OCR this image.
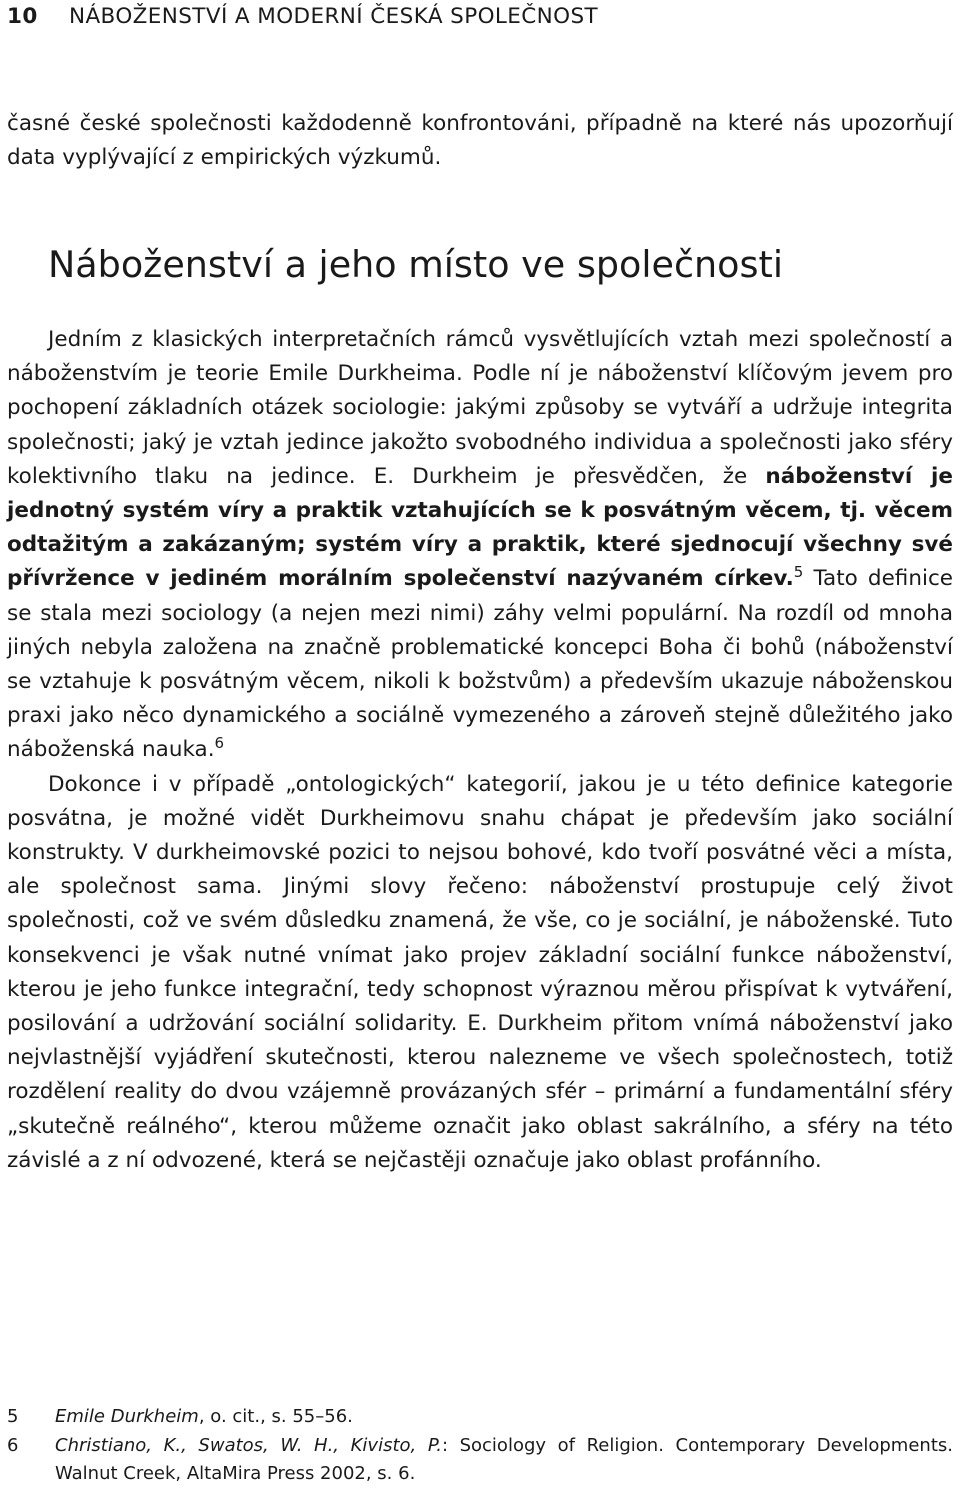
10 NÁBOŽENSTVÍ A MODERNÍ ČESKÁ SPOLEČNOST
časné české společnosti každodenně konfrontováni, případně na které nás upozorňují data vyplývající z empirických výzkumů.
Náboženství a jeho místo ve společnosti

Jedním z klasických interpretačních rámců vysvětlujících vztah mezi společností a náboženstvím je teorie Emile Durkheima. Podle ní je náboženství klíčovým jevem pro pochopení základních otázek sociologie: jakými způsoby se vytváří a udržuje integrita společnosti; jaký je vztah jedince jakožto svobodného individua a společnosti jako sféry kolektivního tlaku na jedince. E. Durkheim je přesvědčen, že náboženství je jednotný systém víry a praktik vztahujících se k posvátným věcem, tj. věcem odtažitým a zakázaným; systém víry a praktik, které sjednocují všechny své přívržence v jediném morálním společenství nazývaném církev.$^5$ Tato definice se stala mezi sociology (a nejen mezi nimi) záhy velmi populární. Na rozdíl od mnoha jiných nebyla založena na značně problematické koncepci Boha či bohů (náboženství se vztahuje k posvátným věcem, nikoli k božstvům) a především ukazuje náboženskou praxi jako něco dynamického a sociálně vymezeného a zároveň stejně důležitého jako náboženská nauka.$^6$

Dokonce i v případě „ontologických“ kategorií, jakou je u této definice kategorie posvátna, je možné vidět Durkheimovu snahu chápat je především jako sociální konstrukty. V durkheimovské pozici to nejsou bohové, kdo tvoří posvátné věci a místa, ale společnost sama. Jinými slovy řečeno: náboženství prostupuje celý život společnosti, což ve svém důsledku znamená, že vše, co je sociální, je náboženské. Tuto konsekvenci je však nutné vnímat jako projev základní sociální funkce náboženství, kterou je jeho funkce integrační, tedy schopnost výraznou měrou přispívat k vytváření, posilování a udržování sociální solidarity. E. Durkheim přitom vnímá náboženství jako nejvlastnější vyjádření skutečnosti, kterou nalezneme ve všech společnostech, totiž rozdělení reality do dvou vzájemně provázaných sfér – primární a fundamentální sféry „skutečně reálného“, kterou můžeme označit jako oblast sakrálního, a sféry na této závislé a z ní odvozené, která se nejčastěji označuje jako oblast profánního.

5 Emile Durkheim, o. cit., s. 55–56.
6 Christiano, K., Swatos, W. H., Kivisto, P.: Sociology of Religion. Contemporary Developments. Walnut Creek, AltaMira Press 2002, s. 6.
